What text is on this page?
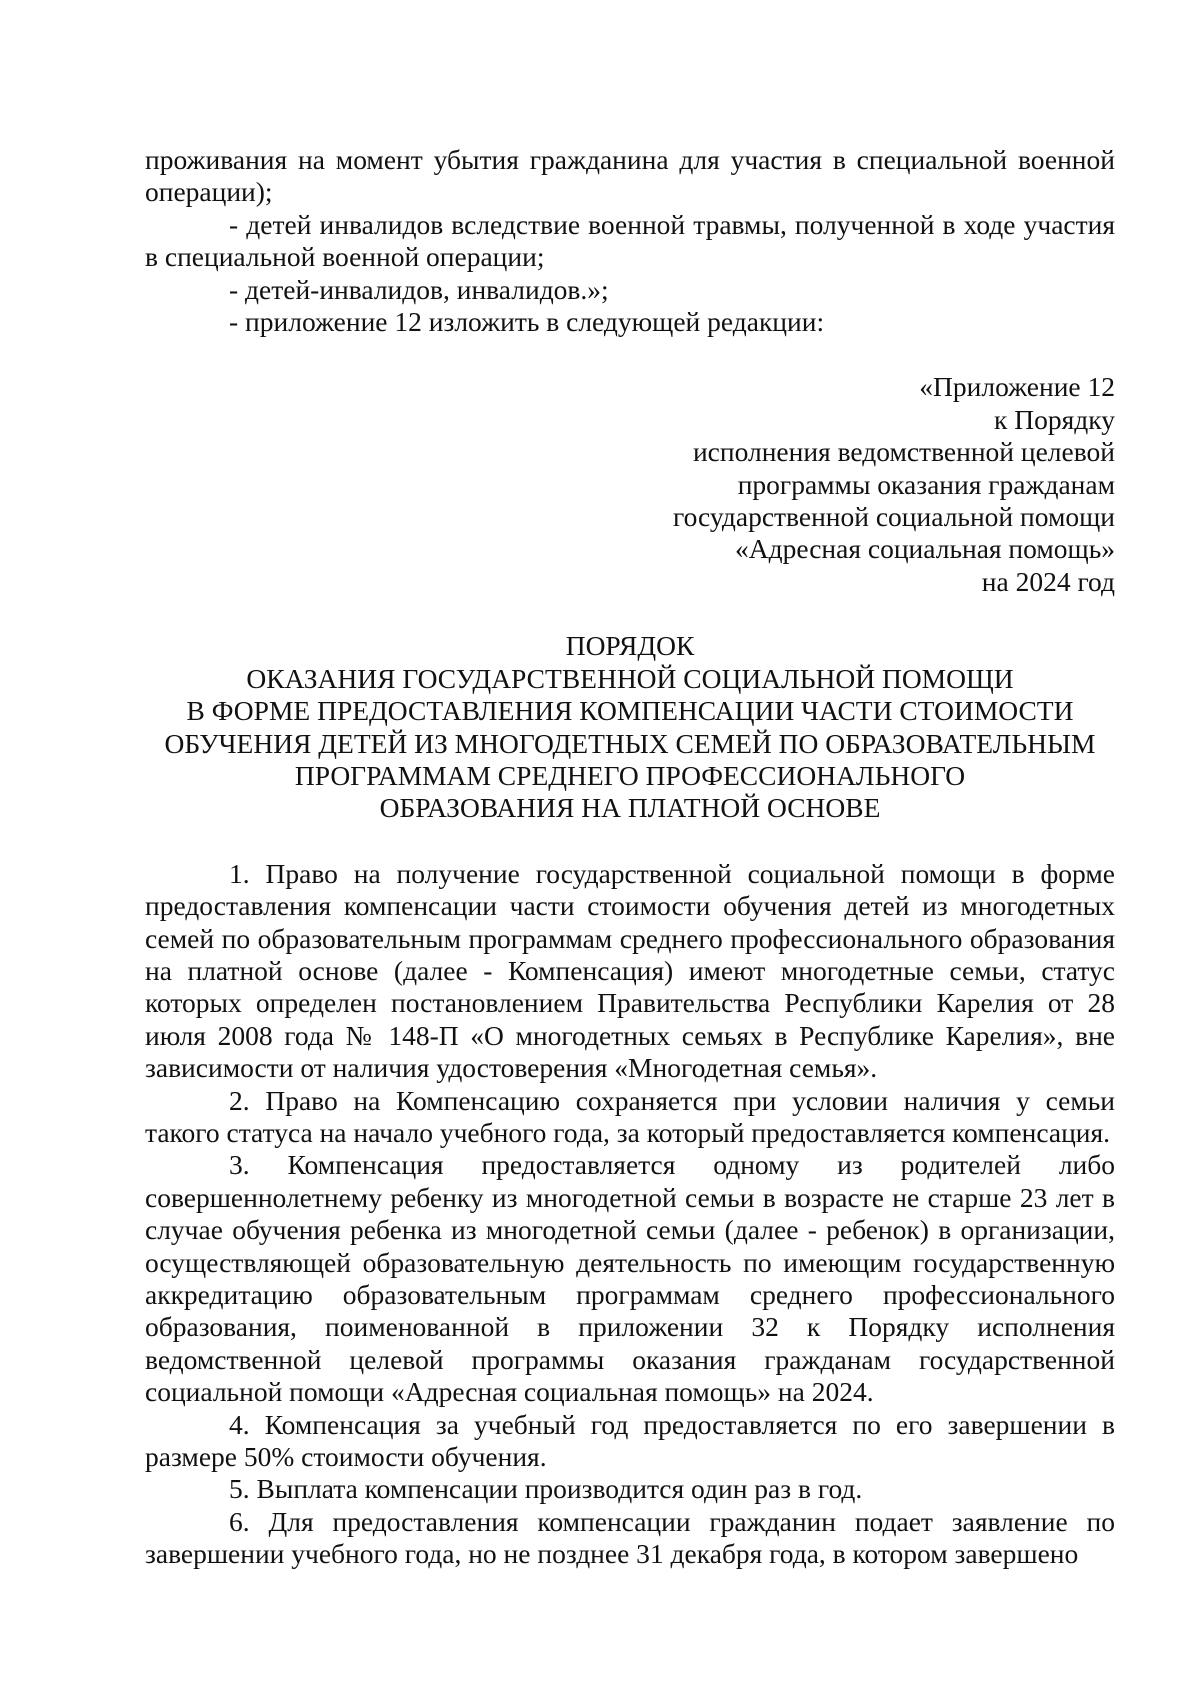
проживания на момент убытия гражданина для участия в специальной военной операции);

- детей инвалидов вследствие военной травмы, полученной в ходе участия в специальной военной операции;

- детей-инвалидов, инвалидов.»;

- приложение 12 изложить в следующей редакции:

«Приложение 12
к Порядку
исполнения ведомственной целевой
программы оказания гражданам
государственной социальной помощи
«Адресная социальная помощь»
на 2024 год
ПОРЯДОК
ОКАЗАНИЯ ГОСУДАРСТВЕННОЙ СОЦИАЛЬНОЙ ПОМОЩИ
В ФОРМЕ ПРЕДОСТАВЛЕНИЯ КОМПЕНСАЦИИ ЧАСТИ СТОИМОСТИ
ОБУЧЕНИЯ ДЕТЕЙ ИЗ МНОГОДЕТНЫХ СЕМЕЙ ПО ОБРАЗОВАТЕЛЬНЫМ
ПРОГРАММАМ СРЕДНЕГО ПРОФЕССИОНАЛЬНОГО
ОБРАЗОВАНИЯ НА ПЛАТНОЙ ОСНОВЕ

1. Право на получение государственной социальной помощи в форме предоставления компенсации части стоимости обучения детей из многодетных семей по образовательным программам среднего профессионального образования на платной основе (далее - Компенсация) имеют многодетные семьи, статус которых определен постановлением Правительства Республики Карелия от 28 июля 2008 года № 148-П «О многодетных семьях в Республике Карелия», вне зависимости от наличия удостоверения «Многодетная семья».

2. Право на Компенсацию сохраняется при условии наличия у семьи такого статуса на начало учебного года, за который предоставляется компенсация.

3. Компенсация предоставляется одному из родителей либо совершеннолетнему ребенку из многодетной семьи в возрасте не старше 23 лет в случае обучения ребенка из многодетной семьи (далее - ребенок) в организации, осуществляющей образовательную деятельность по имеющим государственную аккредитацию образовательным программам среднего профессионального образования, поименованной в приложении 32 к Порядку исполнения ведомственной целевой программы оказания гражданам государственной социальной помощи «Адресная социальная помощь» на 2024.

4. Компенсация за учебный год предоставляется по его завершении в размере 50% стоимости обучения.

5. Выплата компенсации производится один раз в год.

6. Для предоставления компенсации гражданин подает заявление по завершении учебного года, но не позднее 31 декабря года, в котором завершено
